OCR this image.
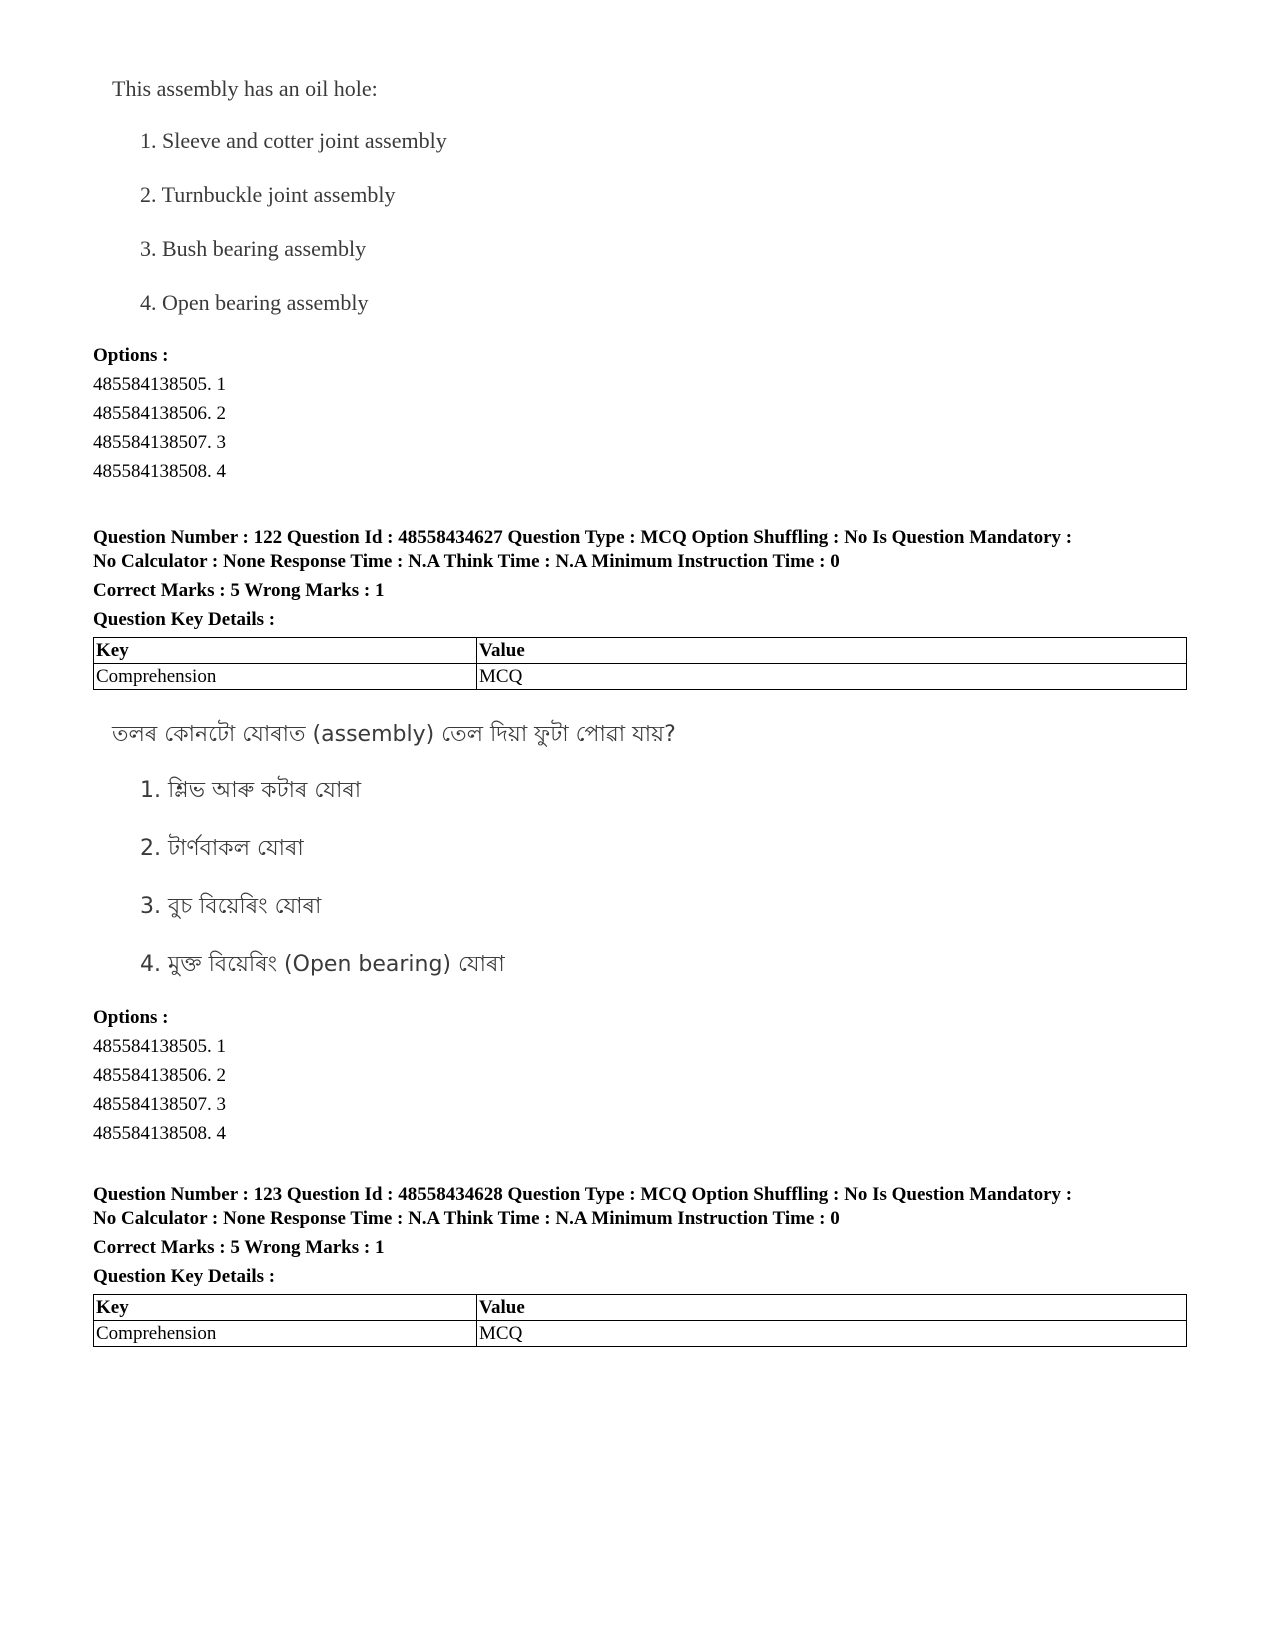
This assembly has an oil hole:
1. Sleeve and cotter joint assembly
2. Turnbuckle joint assembly
3. Bush bearing assembly
4. Open bearing assembly
Options :
485584138505. 1
485584138506. 2
485584138507. 3
485584138508. 4
Question Number : 122 Question Id : 48558434627 Question Type : MCQ Option Shuffling : No Is Question Mandatory :
No Calculator : None Response Time : N.A Think Time : N.A Minimum Instruction Time : 0
Correct Marks : 5 Wrong Marks : 1
Question Key Details :
Key	Value
Comprehension	MCQ
তলৰ কোনটো যোৰাত (assembly) তেল দিয়া ফুটা পোৱা যায়?
1. শ্লিভ আৰু কটাৰ যোৰা
2. টাৰ্ণবাকল যোৰা
3. বুচ বিয়েৰিং যোৰা
4. মুক্ত বিয়েৰিং (Open bearing) যোৰা
Options :
485584138505. 1
485584138506. 2
485584138507. 3
485584138508. 4
Question Number : 123 Question Id : 48558434628 Question Type : MCQ Option Shuffling : No Is Question Mandatory :
No Calculator : None Response Time : N.A Think Time : N.A Minimum Instruction Time : 0
Correct Marks : 5 Wrong Marks : 1
Question Key Details :
Key	Value
Comprehension	MCQ
